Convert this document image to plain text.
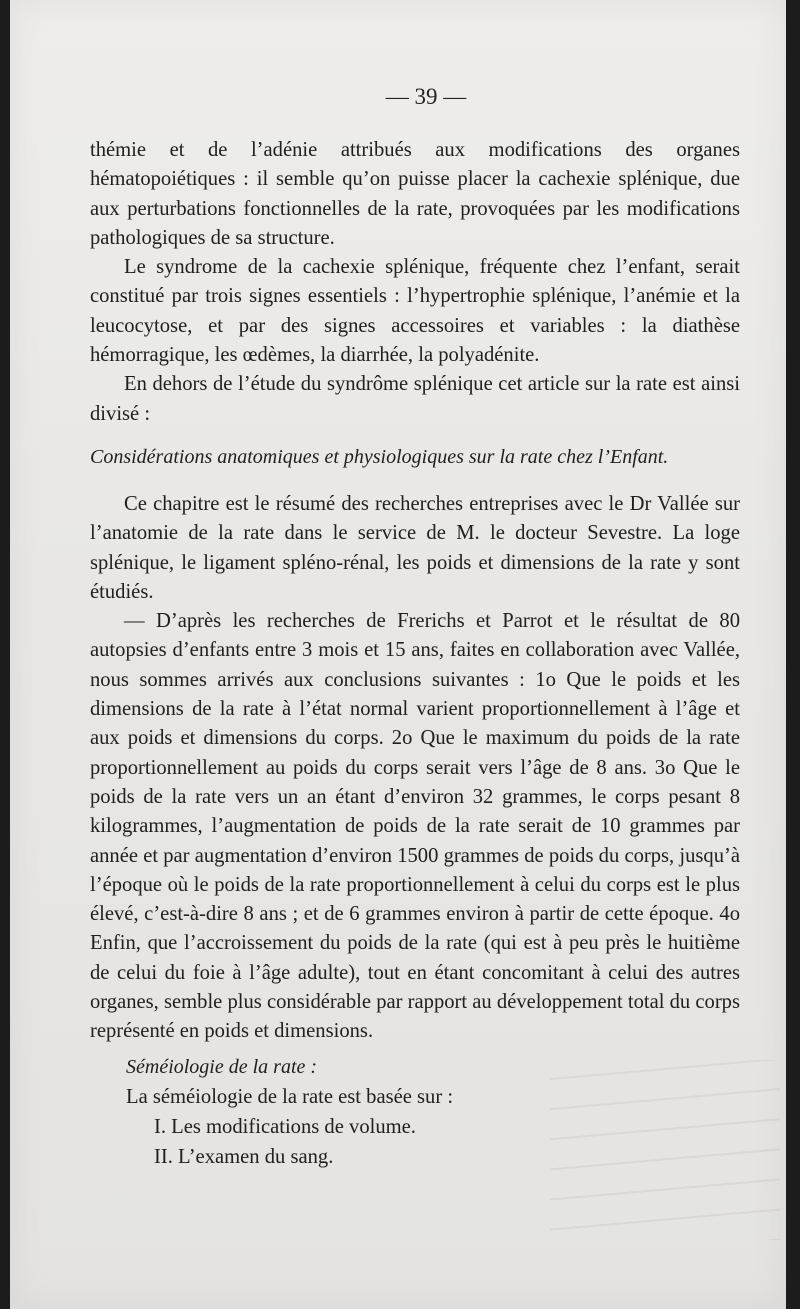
— 39 —

thémie et de l’adénie attribués aux modifications des organes hématopoiétiques : il semble qu’on puisse placer la cachexie splénique, due aux perturbations fonctionnelles de la rate, provoquées par les modifications pathologiques de sa structure.

Le syndrome de la cachexie splénique, fréquente chez l’enfant, serait constitué par trois signes essentiels : l’hypertrophie splénique, l’anémie et la leucocytose, et par des signes accessoires et variables : la diathèse hémorragique, les œdèmes, la diarrhée, la polyadénite.

En dehors de l’étude du syndrôme splénique cet article sur la rate est ainsi divisé :

Considérations anatomiques et physiologiques sur la rate chez l’Enfant.

Ce chapitre est le résumé des recherches entreprises avec le Dr Vallée sur l’anatomie de la rate dans le service de M. le docteur Sevestre. La loge splénique, le ligament spléno-rénal, les poids et dimensions de la rate y sont étudiés.

— D’après les recherches de Frerichs et Parrot et le résultat de 80 autopsies d’enfants entre 3 mois et 15 ans, faites en collaboration avec Vallée, nous sommes arrivés aux conclusions suivantes : 1o Que le poids et les dimensions de la rate à l’état normal varient proportionnellement à l’âge et aux poids et dimensions du corps. 2o Que le maximum du poids de la rate proportionnellement au poids du corps serait vers l’âge de 8 ans. 3o Que le poids de la rate vers un an étant d’environ 32 grammes, le corps pesant 8 kilogrammes, l’augmentation de poids de la rate serait de 10 grammes par année et par augmentation d’environ 1500 grammes de poids du corps, jusqu’à l’époque où le poids de la rate proportionnellement à celui du corps est le plus élevé, c’est-à-dire 8 ans ; et de 6 grammes environ à partir de cette époque. 4o Enfin, que l’accroissement du poids de la rate (qui est à peu près le huitième de celui du foie à l’âge adulte), tout en étant concomitant à celui des autres organes, semble plus considérable par rapport au développement total du corps représenté en poids et dimensions.

Séméiologie de la rate :
La séméiologie de la rate est basée sur :
I. Les modifications de volume.
II. L’examen du sang.
